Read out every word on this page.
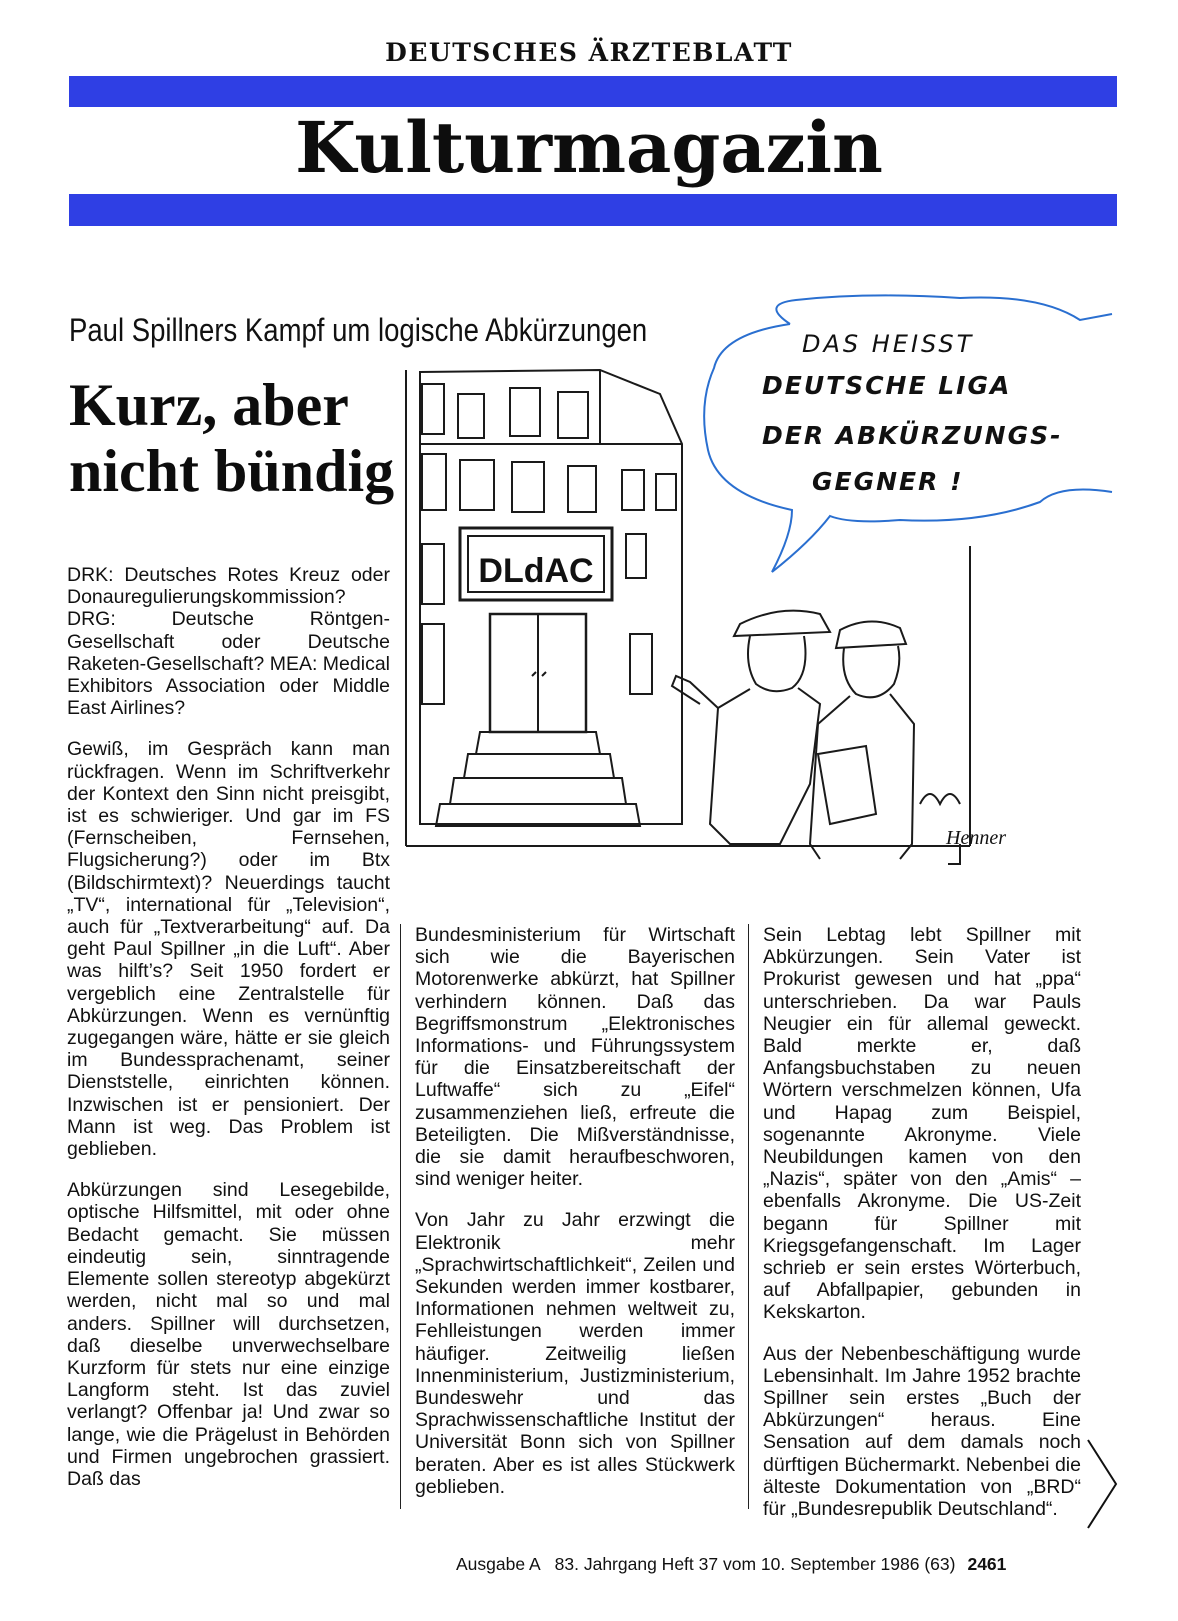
DEUTSCHES ÄRZTEBLATT
Kulturmagazin
Paul Spillners Kampf um logische Abkürzungen
Kurz, aber
nicht bündig
DLdAC
Henner
DAS HEISST
DEUTSCHE LIGA
DER ABKÜRZUNGS-
GEGNER !

DRK: Deutsches Rotes Kreuz oder Donauregulierungskommission? DRG: Deutsche Röntgen-Gesellschaft oder Deutsche Raketen-Gesellschaft? MEA: Medical Exhibitors Association oder Middle East Airlines?

Gewiß, im Gespräch kann man rückfragen. Wenn im Schriftverkehr der Kontext den Sinn nicht preisgibt, ist es schwieriger. Und gar im FS (Fernscheiben, Fernsehen, Flugsicherung?) oder im Btx (Bildschirmtext)? Neuerdings taucht „TV“, international für „Television“, auch für „Textverarbeitung“ auf. Da geht Paul Spillner „in die Luft“. Aber was hilft’s? Seit 1950 fordert er vergeblich eine Zentralstelle für Abkürzungen. Wenn es vernünftig zugegangen wäre, hätte er sie gleich im Bundessprachenamt, seiner Dienststelle, einrichten können. Inzwischen ist er pensioniert. Der Mann ist weg. Das Problem ist geblieben.

Abkürzungen sind Lesegebilde, optische Hilfsmittel, mit oder ohne Bedacht gemacht. Sie müssen eindeutig sein, sinntragende Elemente sollen stereotyp abgekürzt werden, nicht mal so und mal anders. Spillner will durchsetzen, daß dieselbe unverwechselbare Kurzform für stets nur eine einzige Langform steht. Ist das zuviel verlangt? Offenbar ja! Und zwar so lange, wie die Prägelust in Behörden und Firmen ungebrochen grassiert. Daß das

Bundesministerium für Wirtschaft sich wie die Bayerischen Motorenwerke abkürzt, hat Spillner verhindern können. Daß das Begriffsmonstrum „Elektronisches Informations- und Führungssystem für die Einsatzbereitschaft der Luftwaffe“ sich zu „Eifel“ zusammenziehen ließ, erfreute die Beteiligten. Die Mißverständnisse, die sie damit heraufbeschworen, sind weniger heiter.

Von Jahr zu Jahr erzwingt die Elektronik mehr „Sprachwirtschaftlichkeit“, Zeilen und Sekunden werden immer kostbarer, Informationen nehmen weltweit zu, Fehlleistungen werden immer häufiger. Zeitweilig ließen Innenministerium, Justizministerium, Bundeswehr und das Sprachwissenschaftliche Institut der Universität Bonn sich von Spillner beraten. Aber es ist alles Stückwerk geblieben.

Sein Lebtag lebt Spillner mit Abkürzungen. Sein Vater ist Prokurist gewesen und hat „ppa“ unterschrieben. Da war Pauls Neugier ein für allemal geweckt. Bald merkte er, daß Anfangsbuchstaben zu neuen Wörtern verschmelzen können, Ufa und Hapag zum Beispiel, sogenannte Akronyme. Viele Neubildungen kamen von den „Nazis“, später von den „Amis“ – ebenfalls Akronyme. Die US-Zeit begann für Spillner mit Kriegsgefangenschaft. Im Lager schrieb er sein erstes Wörterbuch, auf Abfallpapier, gebunden in Kekskarton.

Aus der Nebenbeschäftigung wurde Lebensinhalt. Im Jahre 1952 brachte Spillner sein erstes „Buch der Abkürzungen“ heraus. Eine Sensation auf dem damals noch dürftigen Büchermarkt. Nebenbei die älteste Dokumentation von „BRD“ für „Bundesrepublik Deutschland“.

Ausgabe A 83. Jahrgang Heft 37 vom 10. September 1986 (63) 2461
